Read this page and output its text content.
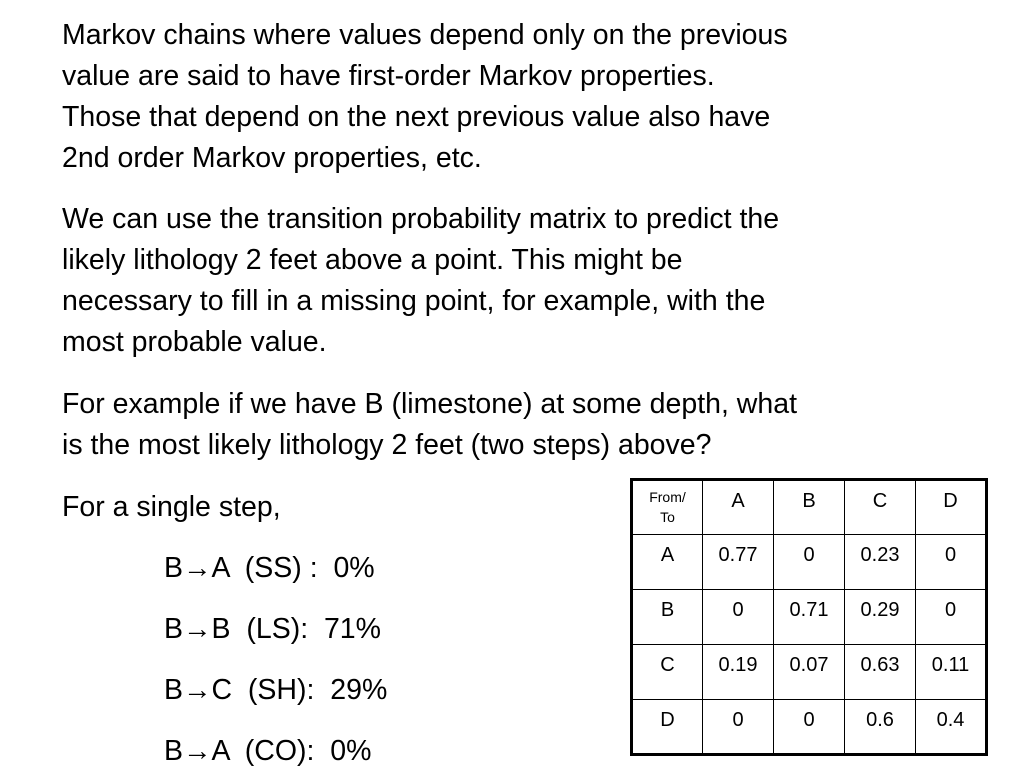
Markov chains where values depend only on the previous
value are said to have first-order Markov properties.
Those that depend on the next previous value also have
2nd order Markov properties, etc.

We can use the transition probability matrix to predict the
likely lithology 2 feet above a point. This might be
necessary to fill in a missing point, for example, with the
most probable value.

For example if we have B (limestone) at some depth, what
is the most likely lithology 2 feet (two steps) above?

For a single step,

B→A  (SS) :  0%

B→B  (LS):  71%

B→C  (SH):  29%

B→A  (CO):  0%

From/
To	A	B	C	D
A	0.77	0	0.23	0
B	0	0.71	0.29	0
C	0.19	0.07	0.63	0.11
D	0	0	0.6	0.4
